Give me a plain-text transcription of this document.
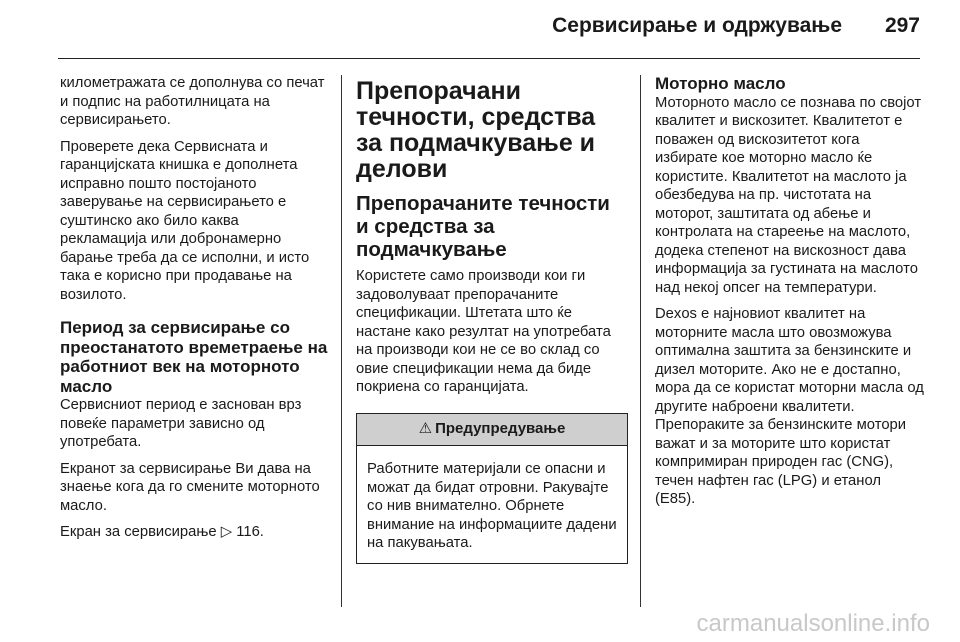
Сервисирање и одржување 297

километражата се дополнува со печат и подпис на работилницата на сервисирањето.

Проверете дека Сервисната и гаранцијската книшка е дополнета исправно пошто постојаното заверување на сервисирањето е суштинско ако било каква рекламација или добронамерно барање треба да се исполни, и исто така е корисно при продавање на возилото.

Период за сервисирање со преостанатото времетраење на работниот век на моторното масло

Сервисниот период е заснован врз повеќе параметри зависно од употребата.

Екранот за сервисирање Ви дава на знаење кога да го смените моторното масло.

Екран за сервисирање ▷ 116.

Препорачани течности, средства за подмачкување и делови
Препорачаните течности и средства за подмачкување

Користете само производи кои ги задоволуваат препорачаните спецификации. Штетата што ќе настане како резултат на употребата на производи кои не се во склад со овие спецификации нема да биде покриена со гаранцијата.

⚠ Предупредување
Работните материјали се опасни и можат да бидат отровни. Ракувајте со нив внимателно. Обрнете внимание на информациите дадени на пакувањата.
Моторно масло

Моторното масло се познава по својот квалитет и вискозитет. Квалитетот е поважен од вискозитетот кога избирате кое моторно масло ќе користите. Квалитетот на маслото ја обезбедува на пр. чистотата на моторот, заштитата од абење и контролата на стареење на маслото, додека степенот на вискозност дава информација за густината на маслото над некој опсег на температури.

Dexos е најновиот квалитет на моторните масла што овозможува оптимална заштита за бензинските и дизел моторите. Ако не е достапно, мора да се користат моторни масла од другите наброени квалитети. Препораките за бензинските мотори важат и за моторите што користат компримиран природен гас (CNG), течен нафтен гас (LPG) и етанол (E85).

carmanualsonline.info
